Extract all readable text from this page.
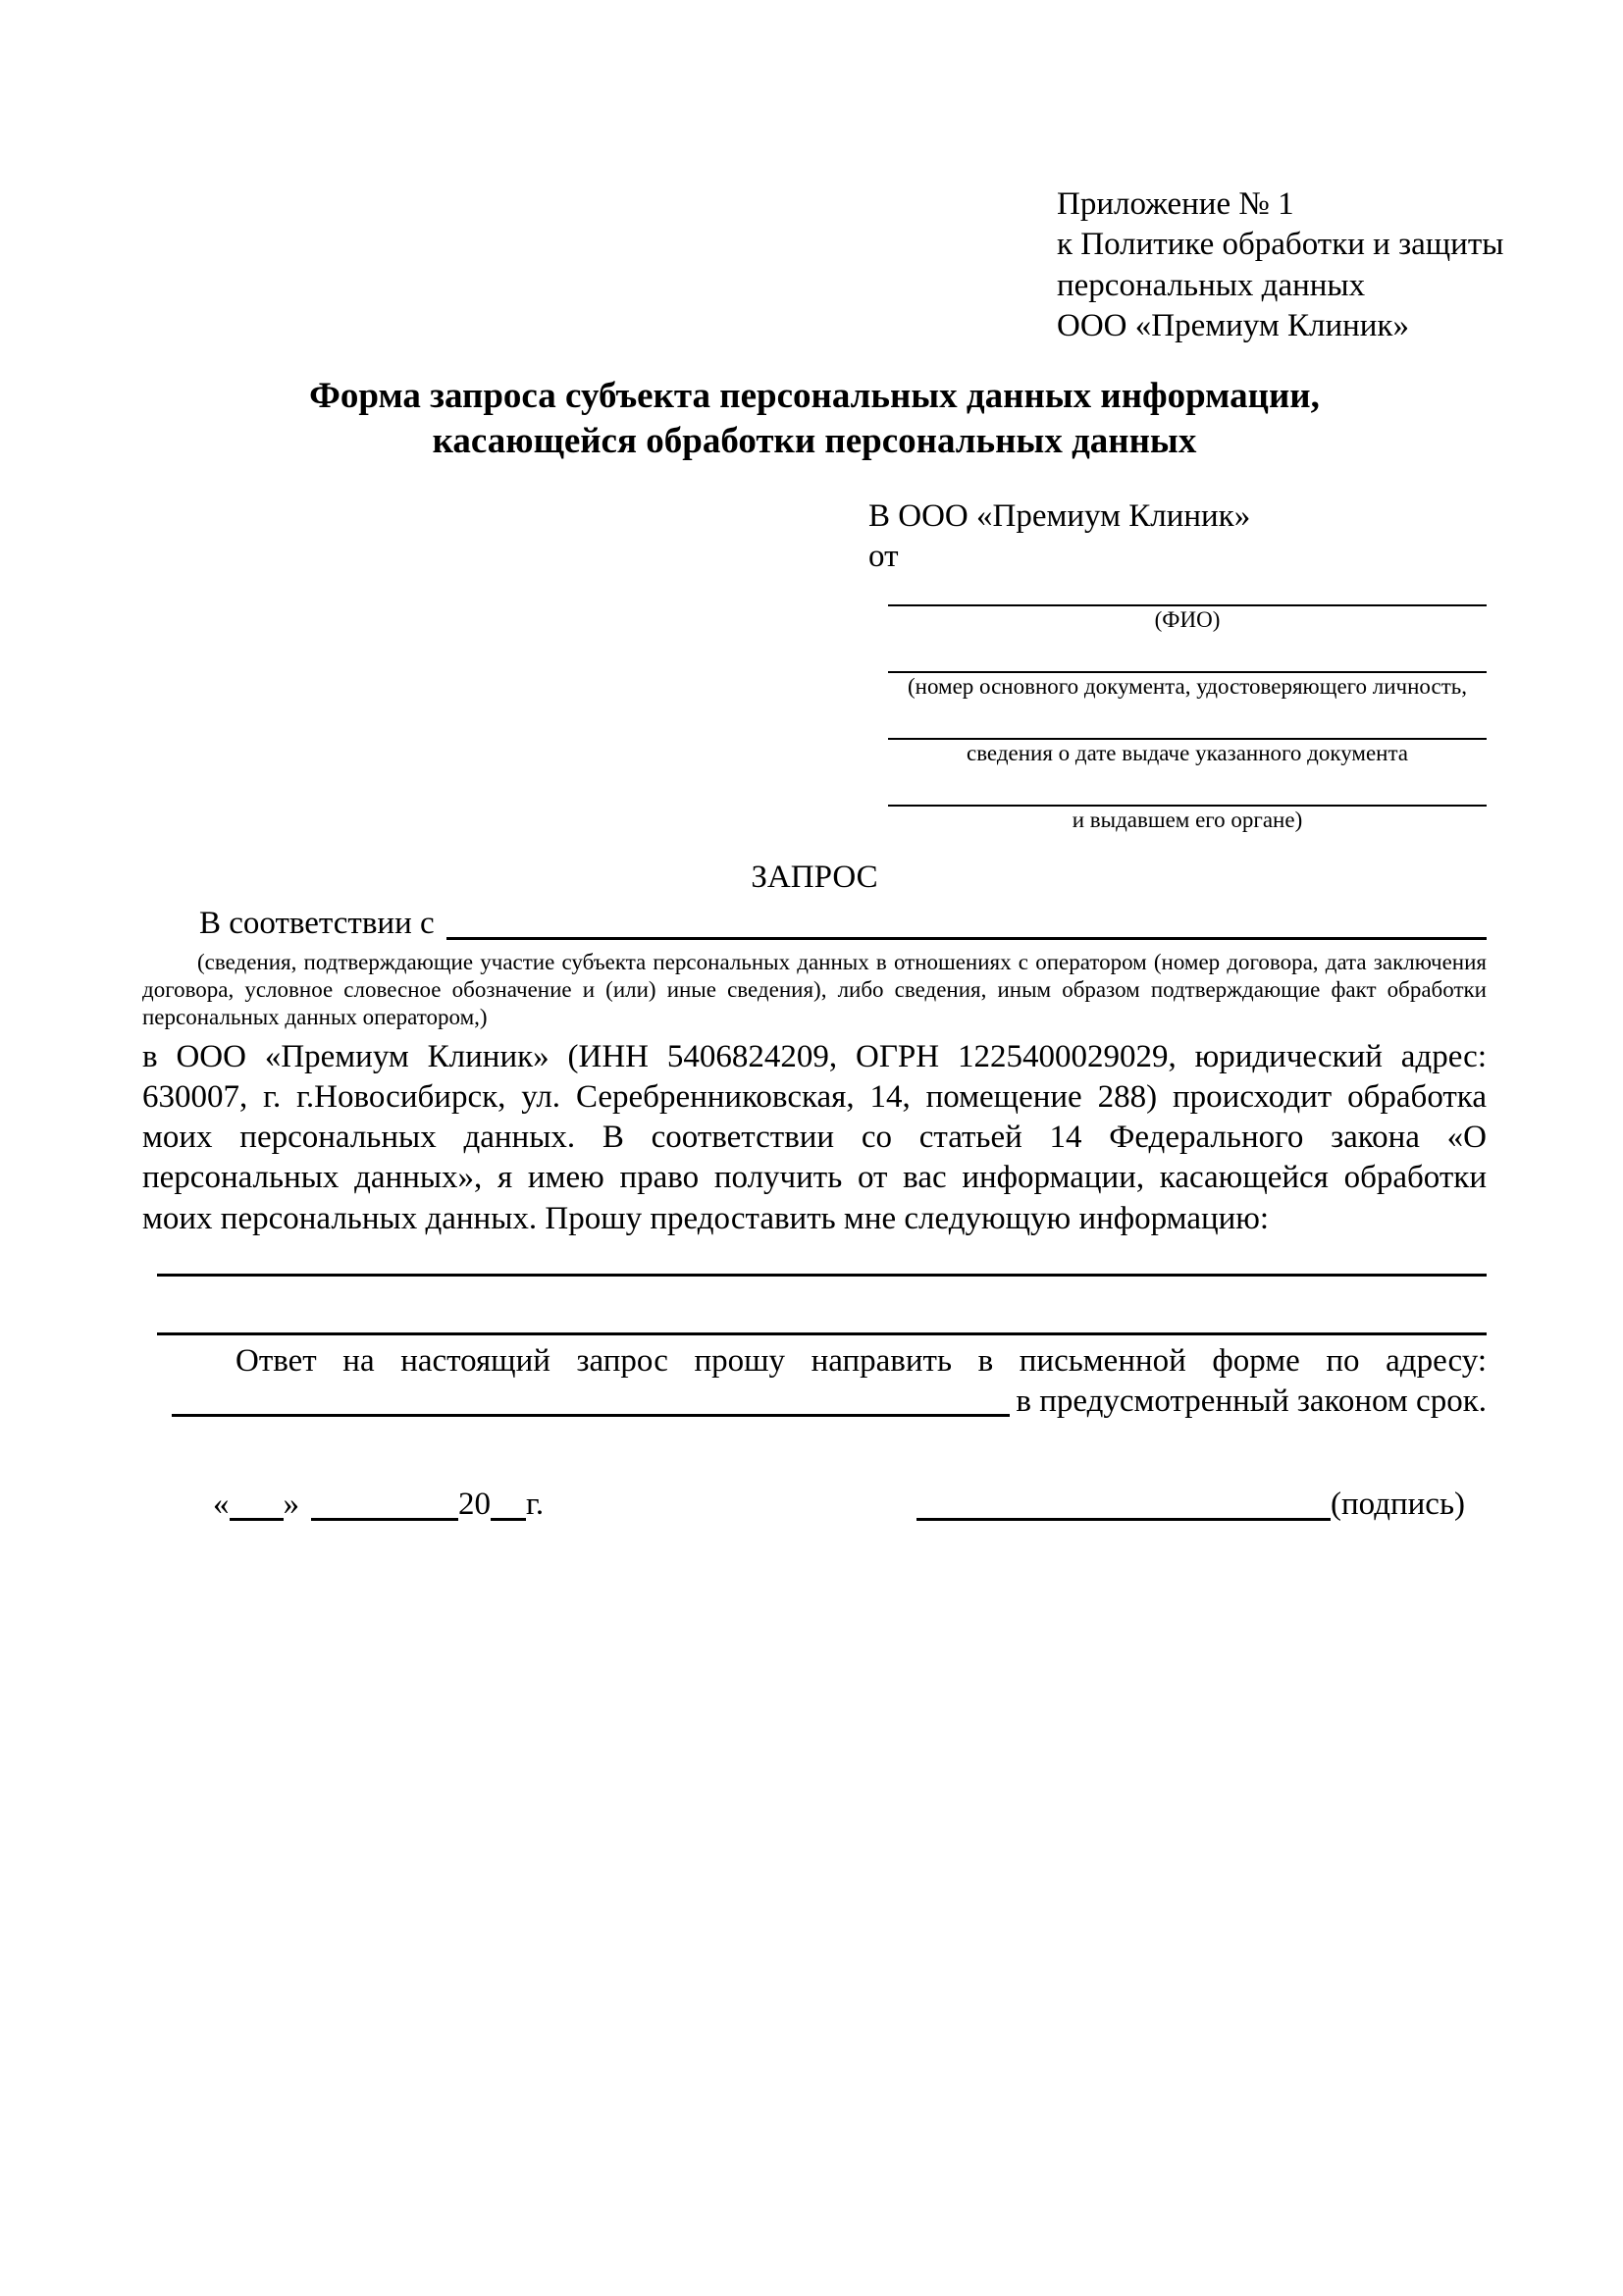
Приложение № 1
к Политике обработки и защиты
персональных данных
ООО «Премиум Клиник»
Форма запроса субъекта персональных данных информации, касающейся обработки персональных данных
В ООО «Премиум Клиник»
от
(ФИО)
(номер основного документа, удостоверяющего личность,
сведения о дате выдаче указанного документа
и выдавшем его органе)
ЗАПРОС
В соответствии с

(сведения, подтверждающие участие субъекта персональных данных в отношениях с оператором (номер договора, дата заключения договора, условное словесное обозначение и (или) иные сведения), либо сведения, иным образом подтверждающие факт обработки персональных данных оператором,)

в ООО «Премиум Клиник» (ИНН 5406824209, ОГРН 1225400029029, юридический адрес: 630007, г. г.Новосибирск, ул. Серебренниковская, 14, помещение 288) происходит обработка моих персональных данных. В соответствии со статьей 14 Федерального закона «О персональных данных», я имею право получить от вас информации, касающейся обработки моих персональных данных. Прошу предоставить мне следующую информацию:

Ответ на настоящий запрос прошу направить в письменной форме по адресу:

в предусмотренный законом срок.
« »	20 г.	(подпись)
